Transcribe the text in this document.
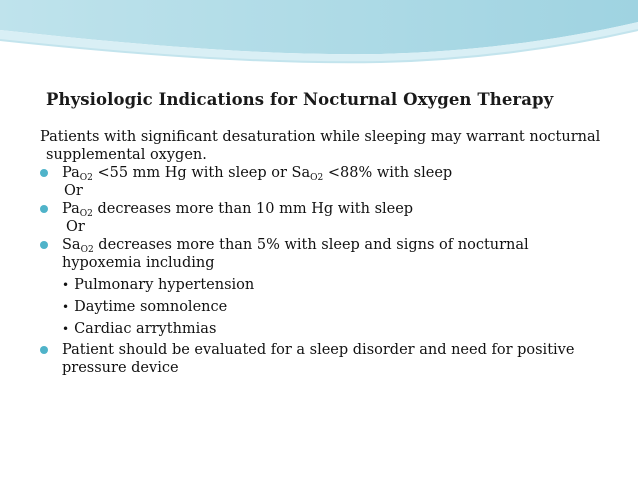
Physiologic Indications for Nocturnal Oxygen Therapy
Patients with significant desaturation while sleeping may warrant nocturnal
supplemental oxygen.
$Pa_{O2} <55$ mm Hg with sleep or $Sa_{O2} <88\%$ with sleep
Or
$Pa_{O2}$ decreases more than 10 mm Hg with sleep
Or
$Sa_{O2}$ decreases more than 5% with sleep and signs of nocturnal
hypoxemia including
• Pulmonary hypertension
• Daytime somnolence
• Cardiac arrythmias
Patient should be evaluated for a sleep disorder and need for positive
pressure device
